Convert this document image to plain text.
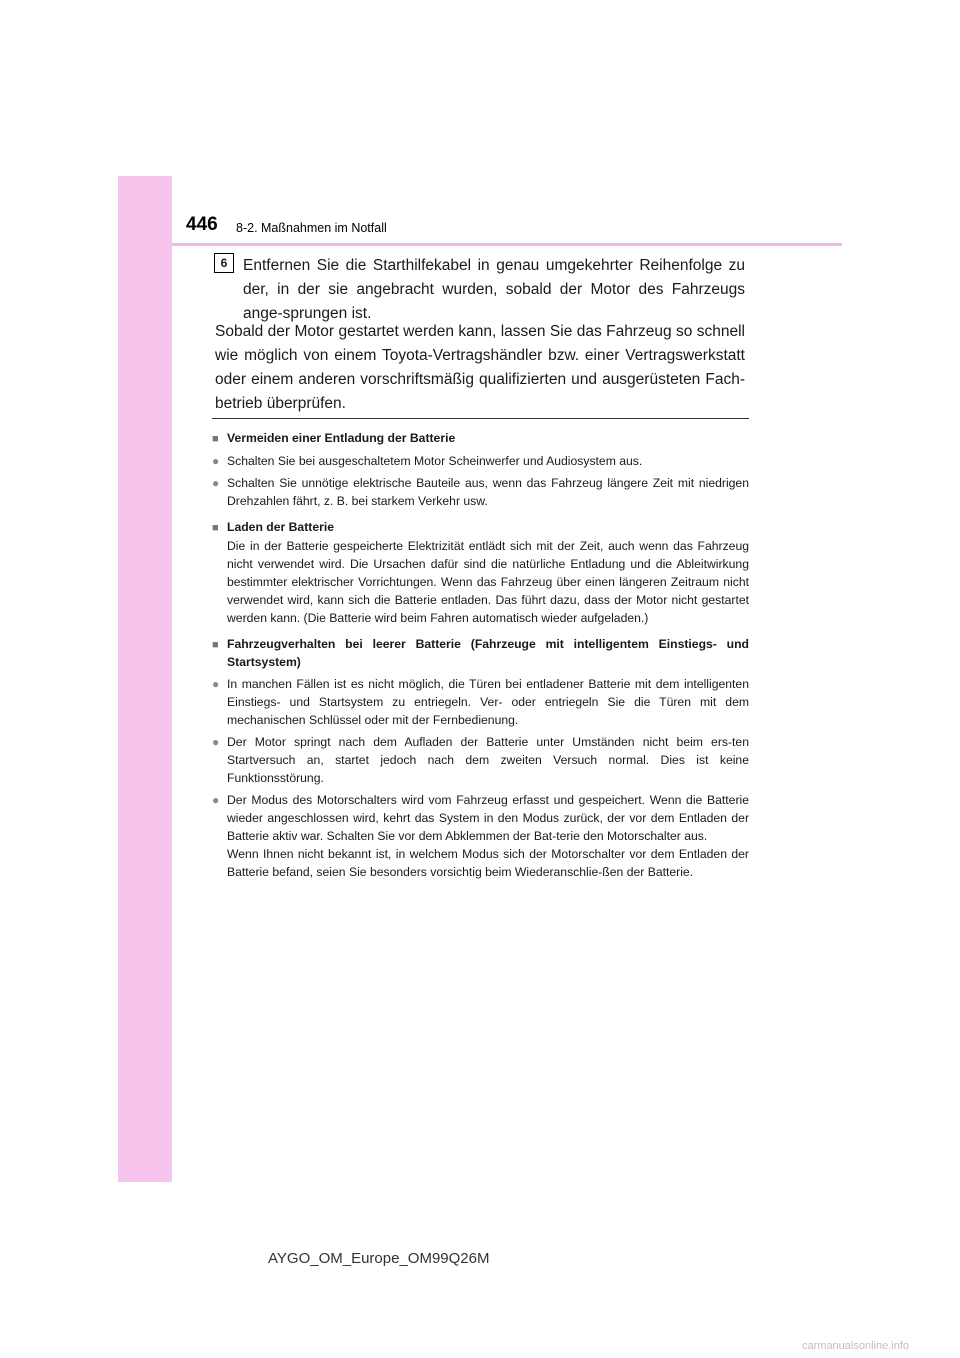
446 8-2. Maßnahmen im Notfall
6	Entfernen Sie die Starthilfekabel in genau umgekehrter Reihenfolge zu der, in der sie angebracht wurden, sobald der Motor des Fahrzeugs ange-sprungen ist.
Sobald der Motor gestartet werden kann, lassen Sie das Fahrzeug so schnell wie möglich von einem Toyota-Vertragshändler bzw. einer Vertragswerkstatt oder einem anderen vorschriftsmäßig qualifizierten und ausgerüsteten Fach-betrieb überprüfen.
■ Vermeiden einer Entladung der Batterie
● Schalten Sie bei ausgeschaltetem Motor Scheinwerfer und Audiosystem aus.
● Schalten Sie unnötige elektrische Bauteile aus, wenn das Fahrzeug längere Zeit mit niedrigen Drehzahlen fährt, z. B. bei starkem Verkehr usw.
■ Laden der Batterie
Die in der Batterie gespeicherte Elektrizität entlädt sich mit der Zeit, auch wenn das Fahrzeug nicht verwendet wird. Die Ursachen dafür sind die natürliche Entladung und die Ableitwirkung bestimmter elektrischer Vorrichtungen. Wenn das Fahrzeug über einen längeren Zeitraum nicht verwendet wird, kann sich die Batterie entladen. Das führt dazu, dass der Motor nicht gestartet werden kann. (Die Batterie wird beim Fahren automatisch wieder aufgeladen.)
■ Fahrzeugverhalten bei leerer Batterie (Fahrzeuge mit intelligentem Einstiegs- und Startsystem)
● In manchen Fällen ist es nicht möglich, die Türen bei entladener Batterie mit dem intelligenten Einstiegs- und Startsystem zu entriegeln. Ver- oder entriegeln Sie die Türen mit dem mechanischen Schlüssel oder mit der Fernbedienung.
● Der Motor springt nach dem Aufladen der Batterie unter Umständen nicht beim ers-ten Startversuch an, startet jedoch nach dem zweiten Versuch normal. Dies ist keine Funktionsstörung.
● Der Modus des Motorschalters wird vom Fahrzeug erfasst und gespeichert. Wenn die Batterie wieder angeschlossen wird, kehrt das System in den Modus zurück, der vor dem Entladen der Batterie aktiv war. Schalten Sie vor dem Abklemmen der Bat-terie den Motorschalter aus.
Wenn Ihnen nicht bekannt ist, in welchem Modus sich der Motorschalter vor dem Entladen der Batterie befand, seien Sie besonders vorsichtig beim Wiederanschlie-ßen der Batterie.
AYGO_OM_Europe_OM99Q26M
carmanualsonline.info
